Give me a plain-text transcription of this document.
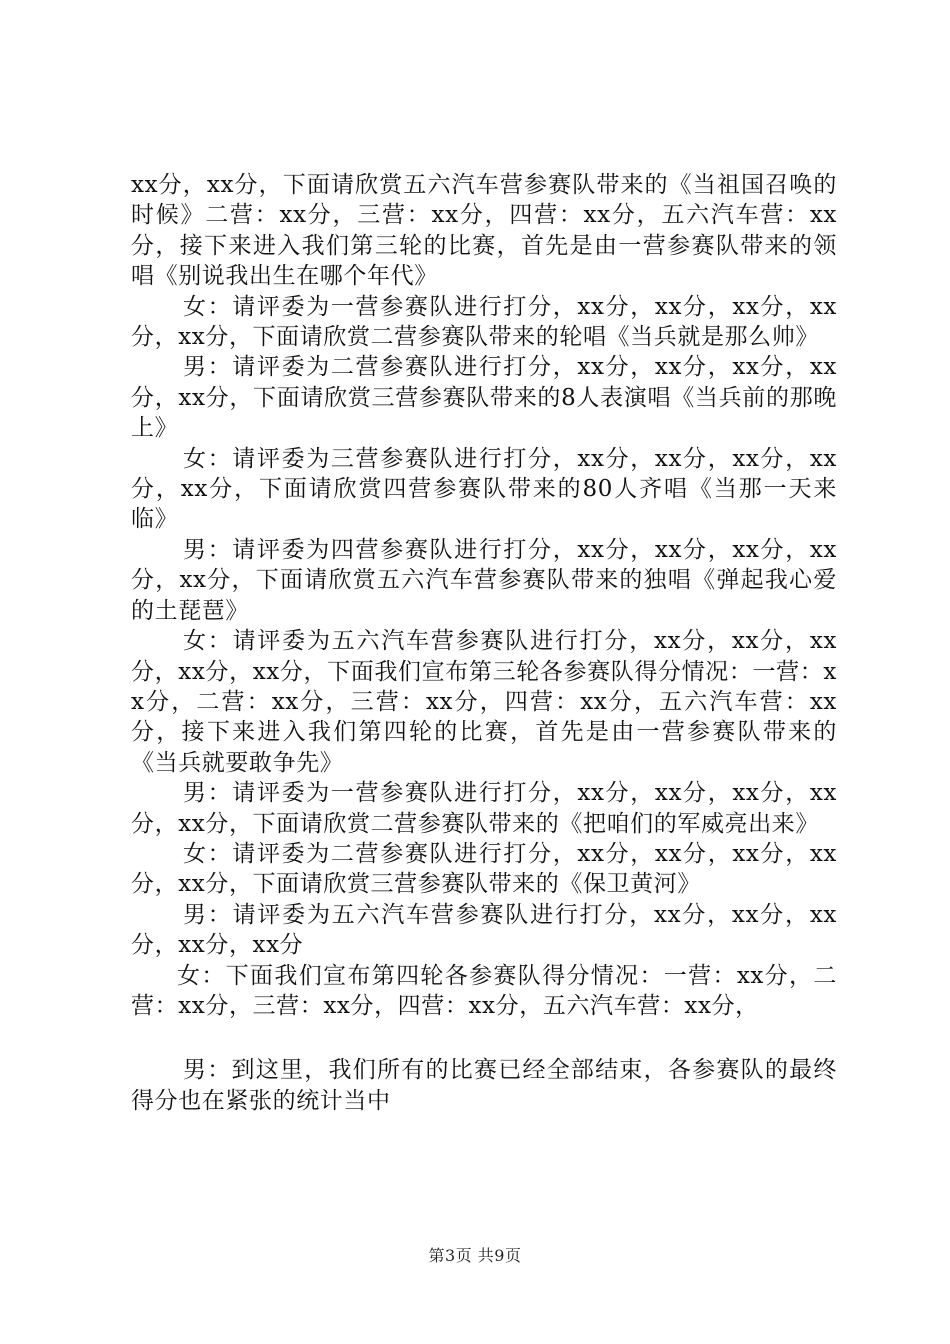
xx分，xx分，下面请欣赏五六汽车营参赛队带来的《当祖国召唤的时候》二营：xx分，三营：xx分，四营：xx分，五六汽车营：xx分，接下来进入我们第三轮的比赛，首先是由一营参赛队带来的领唱《别说我出生在哪个年代》

女：请评委为一营参赛队进行打分，xx分，xx分，xx分，xx分，xx分，下面请欣赏二营参赛队带来的轮唱《当兵就是那么帅》

男：请评委为二营参赛队进行打分，xx分，xx分，xx分，xx分，xx分，下面请欣赏三营参赛队带来的8人表演唱《当兵前的那晚上》

女：请评委为三营参赛队进行打分，xx分，xx分，xx分，xx分，xx分，下面请欣赏四营参赛队带来的80人齐唱《当那一天来临》

男：请评委为四营参赛队进行打分，xx分，xx分，xx分，xx分，xx分，下面请欣赏五六汽车营参赛队带来的独唱《弹起我心爱的土琵琶》

女：请评委为五六汽车营参赛队进行打分，xx分，xx分，xx分，xx分，xx分，下面我们宣布第三轮各参赛队得分情况：一营：xx分，二营：xx分，三营：xx分，四营：xx分，五六汽车营：xx分，接下来进入我们第四轮的比赛，首先是由一营参赛队带来的《当兵就要敢争先》

男：请评委为一营参赛队进行打分，xx分，xx分，xx分，xx分，xx分，下面请欣赏二营参赛队带来的《把咱们的军威亮出来》

女：请评委为二营参赛队进行打分，xx分，xx分，xx分，xx分，xx分，下面请欣赏三营参赛队带来的《保卫黄河》

男：请评委为五六汽车营参赛队进行打分，xx分，xx分，xx分，xx分，xx分

女：下面我们宣布第四轮各参赛队得分情况：一营：xx分，二营：xx分，三营：xx分，四营：xx分，五六汽车营：xx分，

男：到这里，我们所有的比赛已经全部结束，各参赛队的最终得分也在紧张的统计当中

第3页 共9页
